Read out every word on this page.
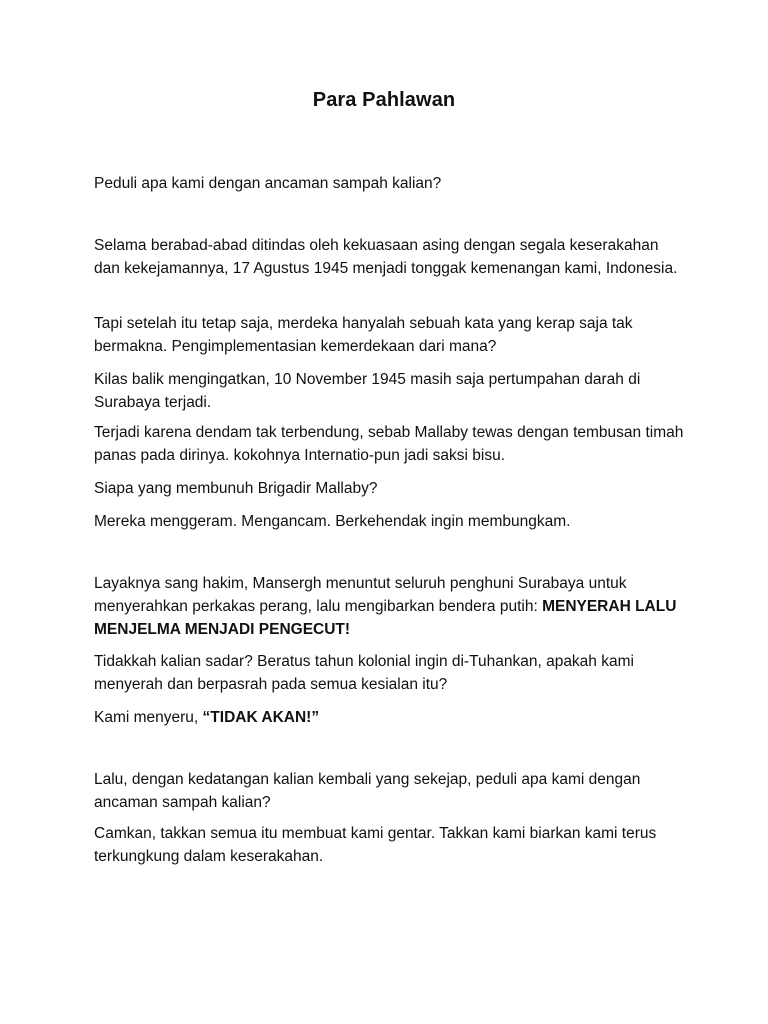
Para Pahlawan

Peduli apa kami dengan ancaman sampah kalian?

Selama berabad-abad ditindas oleh kekuasaan asing dengan segala keserakahan dan kekejamannya, 17 Agustus 1945 menjadi tonggak kemenangan kami, Indonesia.

Tapi setelah itu tetap saja, merdeka hanyalah sebuah kata yang kerap saja tak bermakna. Pengimplementasian kemerdekaan dari mana?

Kilas balik mengingatkan, 10 November 1945 masih saja pertumpahan darah di Surabaya terjadi.

Terjadi karena dendam tak terbendung, sebab Mallaby tewas dengan tembusan timah panas pada dirinya. kokohnya Internatio-pun jadi saksi bisu.

Siapa yang membunuh Brigadir Mallaby?

Mereka menggeram. Mengancam. Berkehendak ingin membungkam.

Layaknya sang hakim, Mansergh menuntut seluruh penghuni Surabaya untuk menyerahkan perkakas perang, lalu mengibarkan bendera putih: MENYERAH LALU MENJELMA MENJADI PENGECUT!

Tidakkah kalian sadar? Beratus tahun kolonial ingin di-Tuhankan, apakah kami menyerah dan berpasrah pada semua kesialan itu?

Kami menyeru, “TIDAK AKAN!”

Lalu, dengan kedatangan kalian kembali yang sekejap, peduli apa kami dengan ancaman sampah kalian?

Camkan, takkan semua itu membuat kami gentar. Takkan kami biarkan kami terus terkungkung dalam keserakahan.
